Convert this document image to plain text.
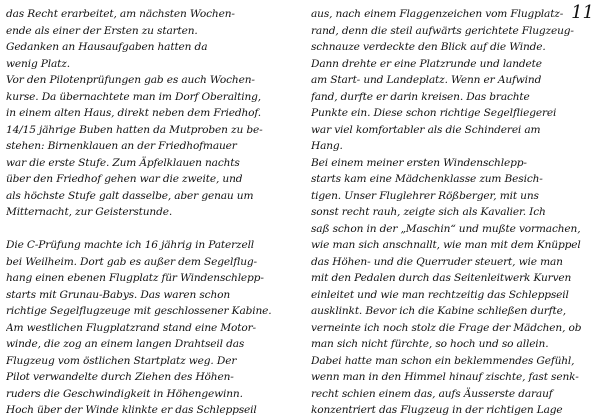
11
das Recht erarbeitet, am nächsten Wochen-
ende als einer der Ersten zu starten.
Gedanken an Hausaufgaben hatten da
wenig Platz.
Vor den Pilotenprüfungen gab es auch Wochen-
kurse. Da übernachtete man im Dorf Oberalting,
in einem alten Haus, direkt neben dem Friedhof.
14/15 jährige Buben hatten da Mutproben zu be-
stehen: Birnenklauen an der Friedhofmauer
war die erste Stufe. Zum Äpfelklauen nachts
über den Friedhof gehen war die zweite, und
als höchste Stufe galt dasselbe, aber genau um
Mitternacht, zur Geisterstunde.
Die C-Prüfung machte ich 16 jährig in Paterzell
bei Weilheim. Dort gab es außer dem Segelflug-
hang einen ebenen Flugplatz für Windenschlepp-
starts mit Grunau-Babys. Das waren schon
richtige Segelflugzeuge mit geschlossener Kabine.
Am westlichen Flugplatzrand stand eine Motor-
winde, die zog an einem langen Drahtseil das
Flugzeug vom östlichen Startplatz weg. Der
Pilot verwandelte durch Ziehen des Höhen-
ruders die Geschwindigkeit in Höhengewinn.
Hoch über der Winde klinkte er das Schleppseil
aus, nach einem Flaggenzeichen vom Flugplatz-
rand, denn die steil aufwärts gerichtete Flugzeug-
schnauze verdeckte den Blick auf die Winde.
Dann drehte er eine Platzrunde und landete
am Start- und Landeplatz. Wenn er Aufwind
fand, durfte er darin kreisen. Das brachte
Punkte ein. Diese schon richtige Segelfliegerei
war viel komfortabler als die Schinderei am
Hang.
Bei einem meiner ersten Windenschlepp-
starts kam eine Mädchenklasse zum Besich-
tigen. Unser Fluglehrer Rößberger, mit uns
sonst recht rauh, zeigte sich als Kavalier. Ich
saß schon in der „Maschin“ und mußte vormachen,
wie man sich anschnallt, wie man mit dem Knüppel
das Höhen- und die Querruder steuert, wie man
mit den Pedalen durch das Seitenleitwerk Kurven
einleitet und wie man rechtzeitig das Schleppseil
ausklinkt. Bevor ich die Kabine schließen durfte,
verneinte ich noch stolz die Frage der Mädchen, ob
man sich nicht fürchte, so hoch und so allein.
Dabei hatte man schon ein beklemmendes Gefühl,
wenn man in den Himmel hinauf zischte, fast senk-
recht schien einem das, aufs Äusserste darauf
konzentriert das Flugzeug in der richtigen Lage
